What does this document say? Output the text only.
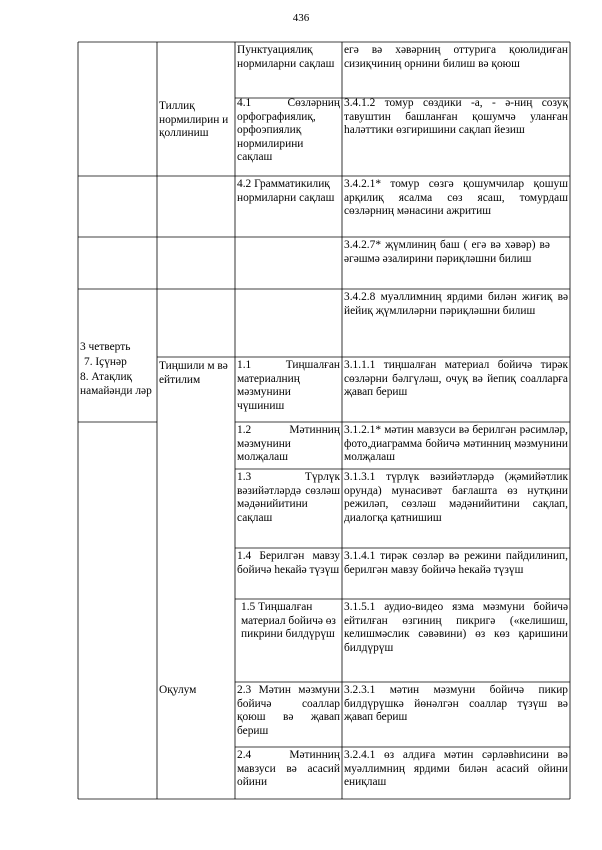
436
3 четверть
7. Ιҫүнәр
8. Атақлиқ намайәнди ләр
Тиллиқ нормилирин и қоллиниш
Тиңшили м вә ейтилим
Оқулум
Пунктуациялиқ нормиларни сақлаш
4.1 Сөзләрниң орфографиялиқ, орфоэпиялиқ нормилирини сақлаш
4.2 Грамматикилиқ нормиларни сақлаш
1.1 Тиңшалған материалниң мәзмунини чүшиниш
1.2 Мәтинниң мәзмунини молҗалаш
1.3 Түрлүк вәзийәтләрдә сөзләш мәдәнийитини сақлаш
1.4 Берилгән мавзу бойичә һекайә түзүш
1.5 Тиңшалған материал бойичә өз пикрини билдүрүш
2.3 Мәтин мәзмуни бойичә соаллар қоюш вә җавап бериш
2.4 Мәтинниң мавзуси вә асасий ойини
егә вә хәвәрниң оттурига қоюлидиған сизиқчиниң орнини билиш вә қоюш
3.4.1.2 томур сөздики -а, - ә-ниң созуқ тавуштин башланған қошумчә уланған һаләттики өзгиришини сақлап йезиш
3.4.2.1* томур сөзгә қошумчилар қошуш арқилиқ ясалма сөз ясаш, томурдаш сөзләрниң мәнасини ажритиш
3.4.2.7* җүмлиниң баш ( егә вә хәвәр) вә әгәшмә әзалирини пәриқләшни билиш
3.4.2.8 муәллимниң ярдими билән жиғиқ вә йейиқ җүмлиләрни пәриқләшни билиш
3.1.1.1 тиңшалған материал бойичә тирәк сөзләрни бәлгүләш, очуқ вә йепиқ соалларға җавап бериш
3.1.2.1* мәтин мавзуси вә берилгән рәсимләр, фото,диаграмма бойичә мәтинниң мәзмунини молҗалаш
3.1.3.1 түрлүк вәзийәтләрдә (җәмийәтлик орунда) мунасивәт бағлашта өз нутқини режиләп, сөзләш мәдәнийитини сақлап, диалогқа қатнишиш
3.1.4.1 тирәк сөзләр вә режини пайдилинип, берилгән мавзу бойичә һекайә түзүш
3.1.5.1 аудио-видео язма мәзмуни бойичә ейтилған өзгиниң пикригә («келишиш, келишмәслик сәвәвини) өз көз қаришини билдүрүш
3.2.3.1 мәтин мәзмуни бойичә пикир билдүрүшкә йөнәлгән соаллар түзүш вә җавап бериш
3.2.4.1 өз алдиға мәтин сәрләвһисини вә муәллимниң ярдими билән асасий ойини ениқлаш
